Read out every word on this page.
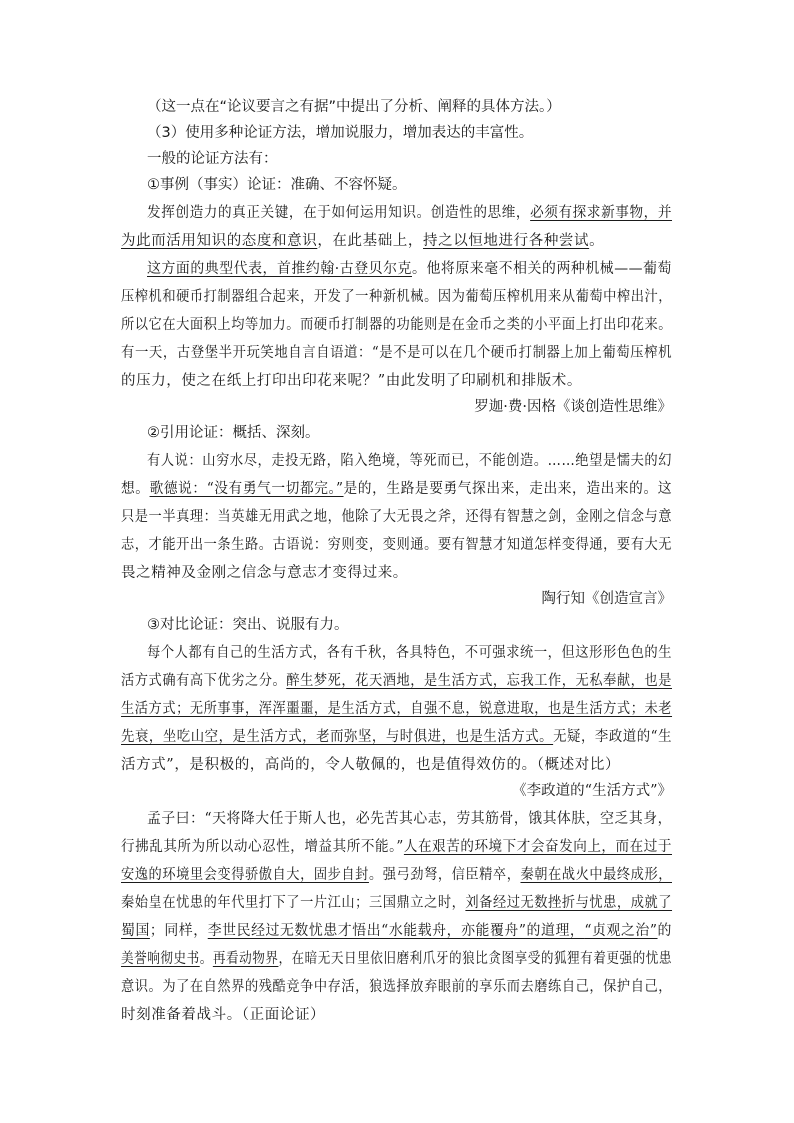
（这一点在“论议要言之有据”中提出了分析、阐释的具体方法。）
（3）使用多种论证方法，增加说服力，增加表达的丰富性。
一般的论证方法有：
①事例（事实）论证：准确、不容怀疑。
发挥创造力的真正关键，在于如何运用知识。创造性的思维，必须有探求新事物，并
为此而活用知识的态度和意识，在此基础上，持之以恒地进行各种尝试。
这方面的典型代表，首推约翰·古登贝尔克。他将原来毫不相关的两种机械——葡萄
压榨机和硬币打制器组合起来，开发了一种新机械。因为葡萄压榨机用来从葡萄中榨出汁，
所以它在大面积上均等加力。而硬币打制器的功能则是在金币之类的小平面上打出印花来。
有一天，古登堡半开玩笑地自言自语道：“是不是可以在几个硬币打制器上加上葡萄压榨机
的压力，使之在纸上打印出印花来呢？”由此发明了印刷机和排版术。
罗迦·费·因格《谈创造性思维》
②引用论证：概括、深刻。
有人说：山穷水尽，走投无路，陷入绝境，等死而已，不能创造。……绝望是懦夫的幻
想。歌德说：“没有勇气一切都完。”是的，生路是要勇气探出来，走出来，造出来的。这
只是一半真理：当英雄无用武之地，他除了大无畏之斧，还得有智慧之剑，金刚之信念与意
志，才能开出一条生路。古语说：穷则变，变则通。要有智慧才知道怎样变得通，要有大无
畏之精神及金刚之信念与意志才变得过来。
陶行知《创造宣言》
③对比论证：突出、说服有力。
每个人都有自己的生活方式，各有千秋，各具特色，不可强求统一，但这形形色色的生
活方式确有高下优劣之分。醉生梦死，花天酒地，是生活方式，忘我工作，无私奉献，也是
生活方式；无所事事，浑浑噩噩，是生活方式，自强不息，锐意进取，也是生活方式；未老
先衰，坐吃山空，是生活方式，老而弥坚，与时俱进，也是生活方式。无疑，李政道的“生
活方式”，是积极的，高尚的，令人敬佩的，也是值得效仿的。（概述对比）
《李政道的“生活方式”》
孟子曰：“天将降大任于斯人也，必先苦其心志，劳其筋骨，饿其体肤，空乏其身，
行拂乱其所为所以动心忍性，增益其所不能。”人在艰苦的环境下才会奋发向上，而在过于
安逸的环境里会变得骄傲自大，固步自封。强弓劲弩，信臣精卒，秦朝在战火中最终成形，
秦始皇在忧患的年代里打下了一片江山；三国鼎立之时，刘备经过无数挫折与忧患，成就了
蜀国；同样，李世民经过无数忧患才悟出“水能载舟，亦能覆舟”的道理，“贞观之治”的
美誉响彻史书。再看动物界，在暗无天日里依旧磨利爪牙的狼比贪图享受的狐狸有着更强的忧患
意识。为了在自然界的残酷竞争中存活，狼选择放弃眼前的享乐而去磨练自己，保护自己，
时刻准备着战斗。（正面论证）
